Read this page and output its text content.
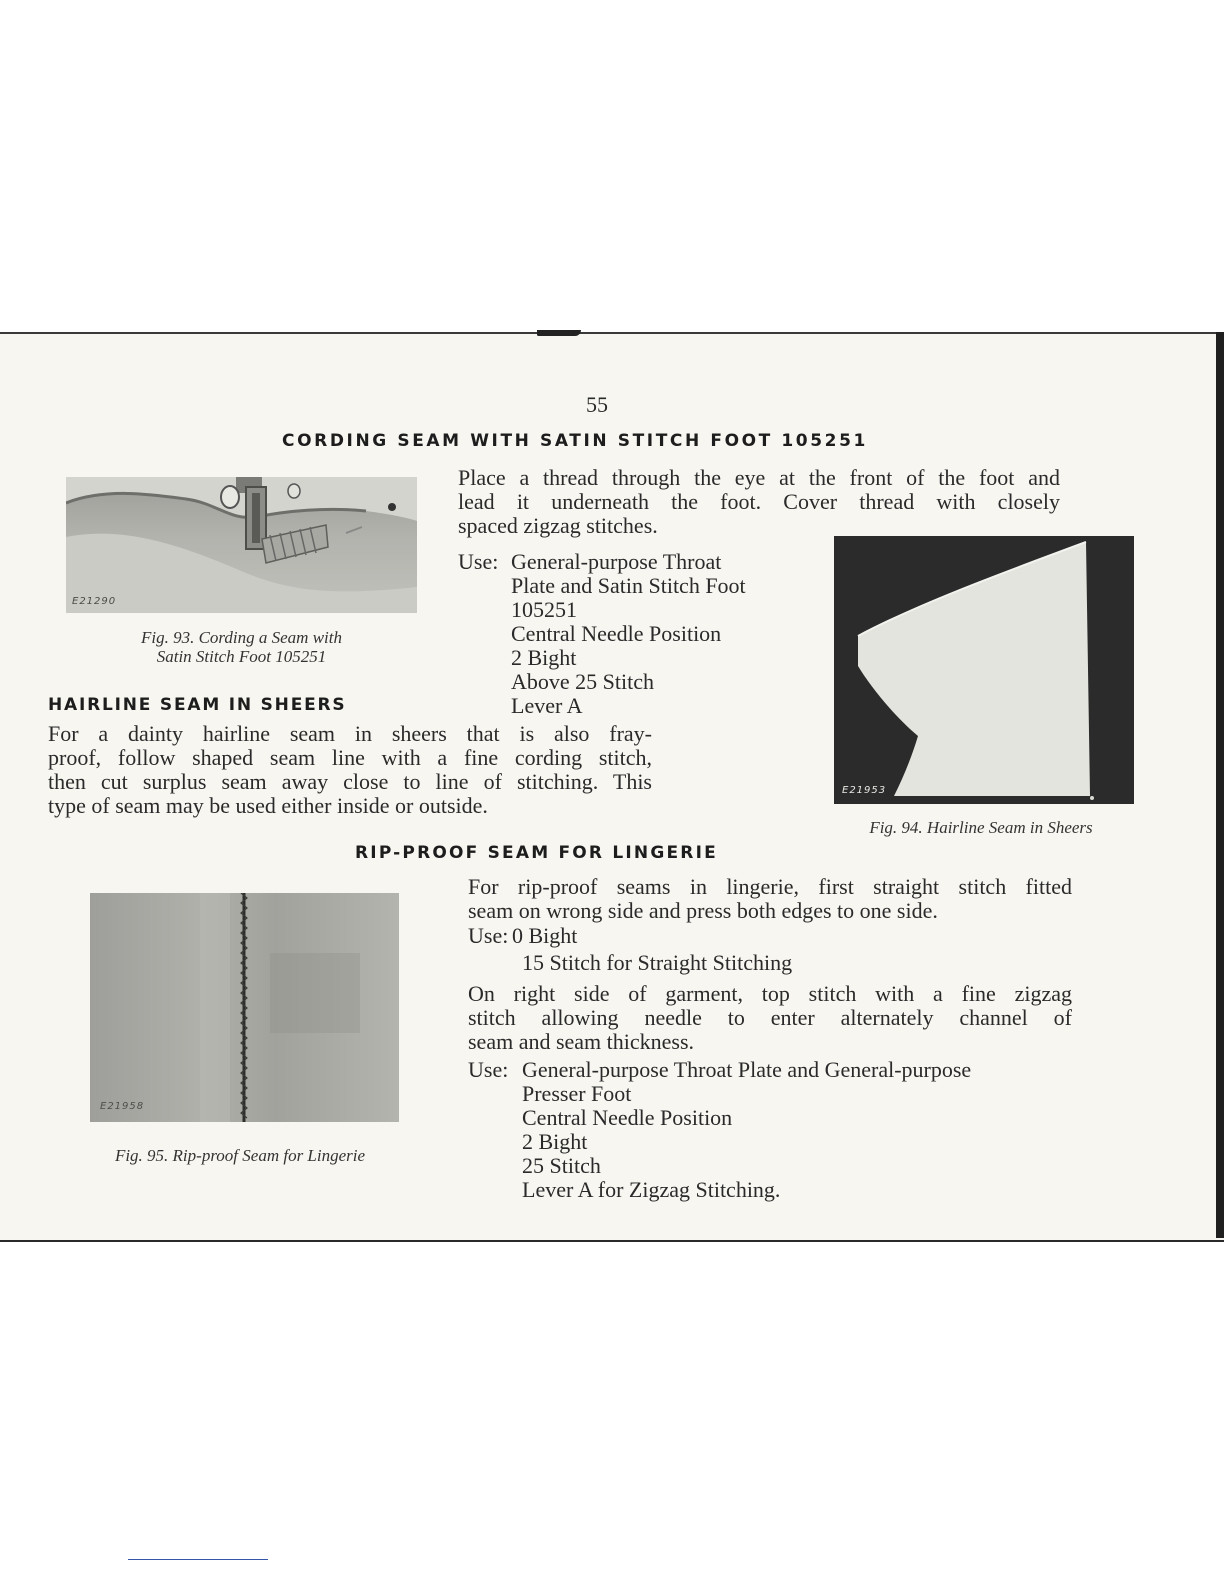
55
CORDING SEAM WITH SATIN STITCH FOOT 105251
E21290
Fig. 93. Cording a Seam with
Satin Stitch Foot 105251
Place a thread through the eye at the front of the foot and
lead it underneath the foot. Cover thread with closely
spaced zigzag stitches.
Use: General-purpose Throat
Plate and Satin Stitch Foot
105251
Central Needle Position
2 Bight
Above 25 Stitch
Lever A
E21953
Fig. 94. Hairline Seam in Sheers
HAIRLINE SEAM IN SHEERS
For a dainty hairline seam in sheers that is also fray-
proof, follow shaped seam line with a fine cording stitch,
then cut surplus seam away close to line of stitching. This
type of seam may be used either inside or outside.
RIP-PROOF SEAM FOR LINGERIE
E21958
Fig. 95. Rip-proof Seam for Lingerie
For rip-proof seams in lingerie, first straight stitch fitted
seam on wrong side and press both edges to one side.
Use: 0 Bight
15 Stitch for Straight Stitching
On right side of garment, top stitch with a fine zigzag
stitch allowing needle to enter alternately channel of
seam and seam thickness.
Use: General-purpose Throat Plate and General-purpose
Presser Foot
Central Needle Position
2 Bight
25 Stitch
Lever A for Zigzag Stitching.
